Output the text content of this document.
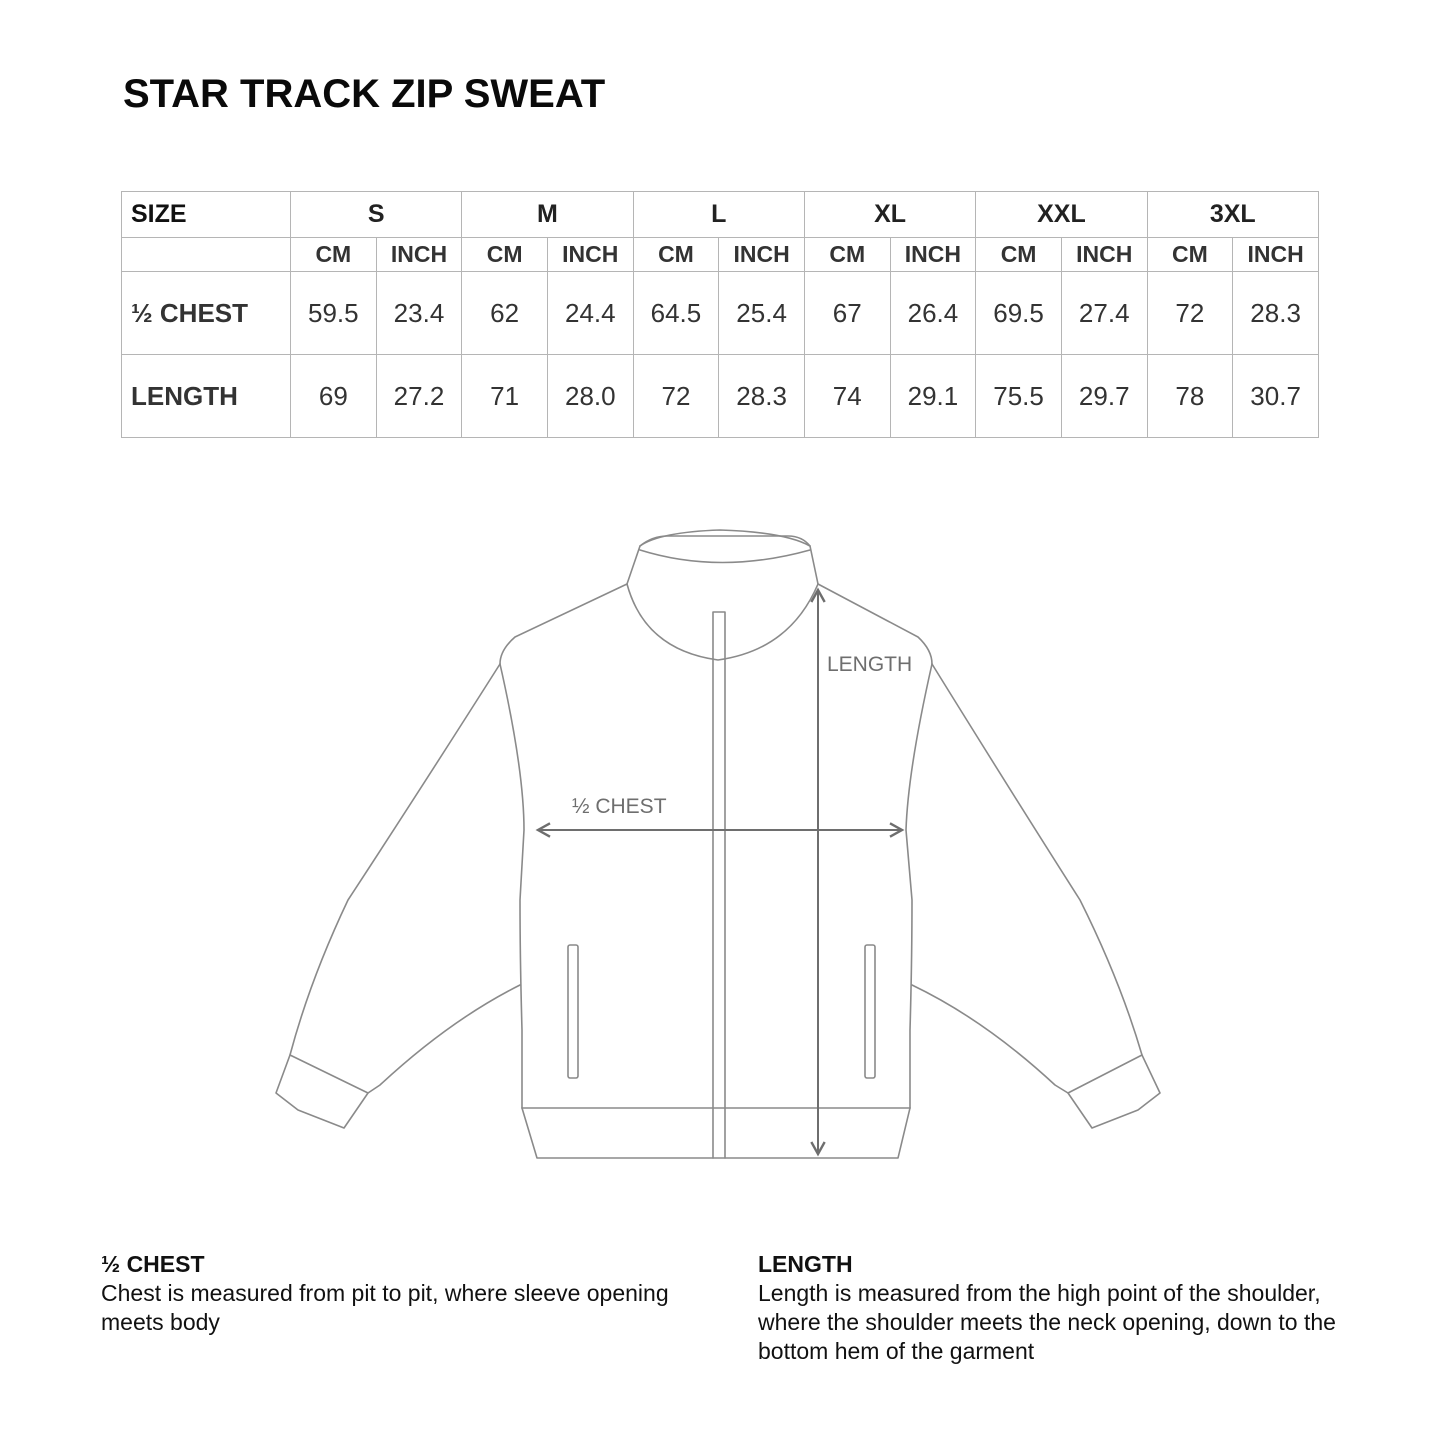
STAR TRACK ZIP SWEAT
SIZE	S		M		L		XL		XXL		3XL	
	CM	INCH	CM	INCH	CM	INCH	CM	INCH	CM	INCH	CM	INCH
½ CHEST	59.5	23.4	62	24.4	64.5	25.4	67	26.4	69.5	27.4	72	28.3
LENGTH	69	27.2	71	28.0	72	28.3	74	29.1	75.5	29.7	78	30.7
LENGTH
½ CHEST
½ CHEST

Chest is measured from pit to pit, where sleeve opening

meets body

LENGTH

Length is measured from the high point of the shoulder,

where the shoulder meets the neck opening, down to the

bottom hem of the garment
